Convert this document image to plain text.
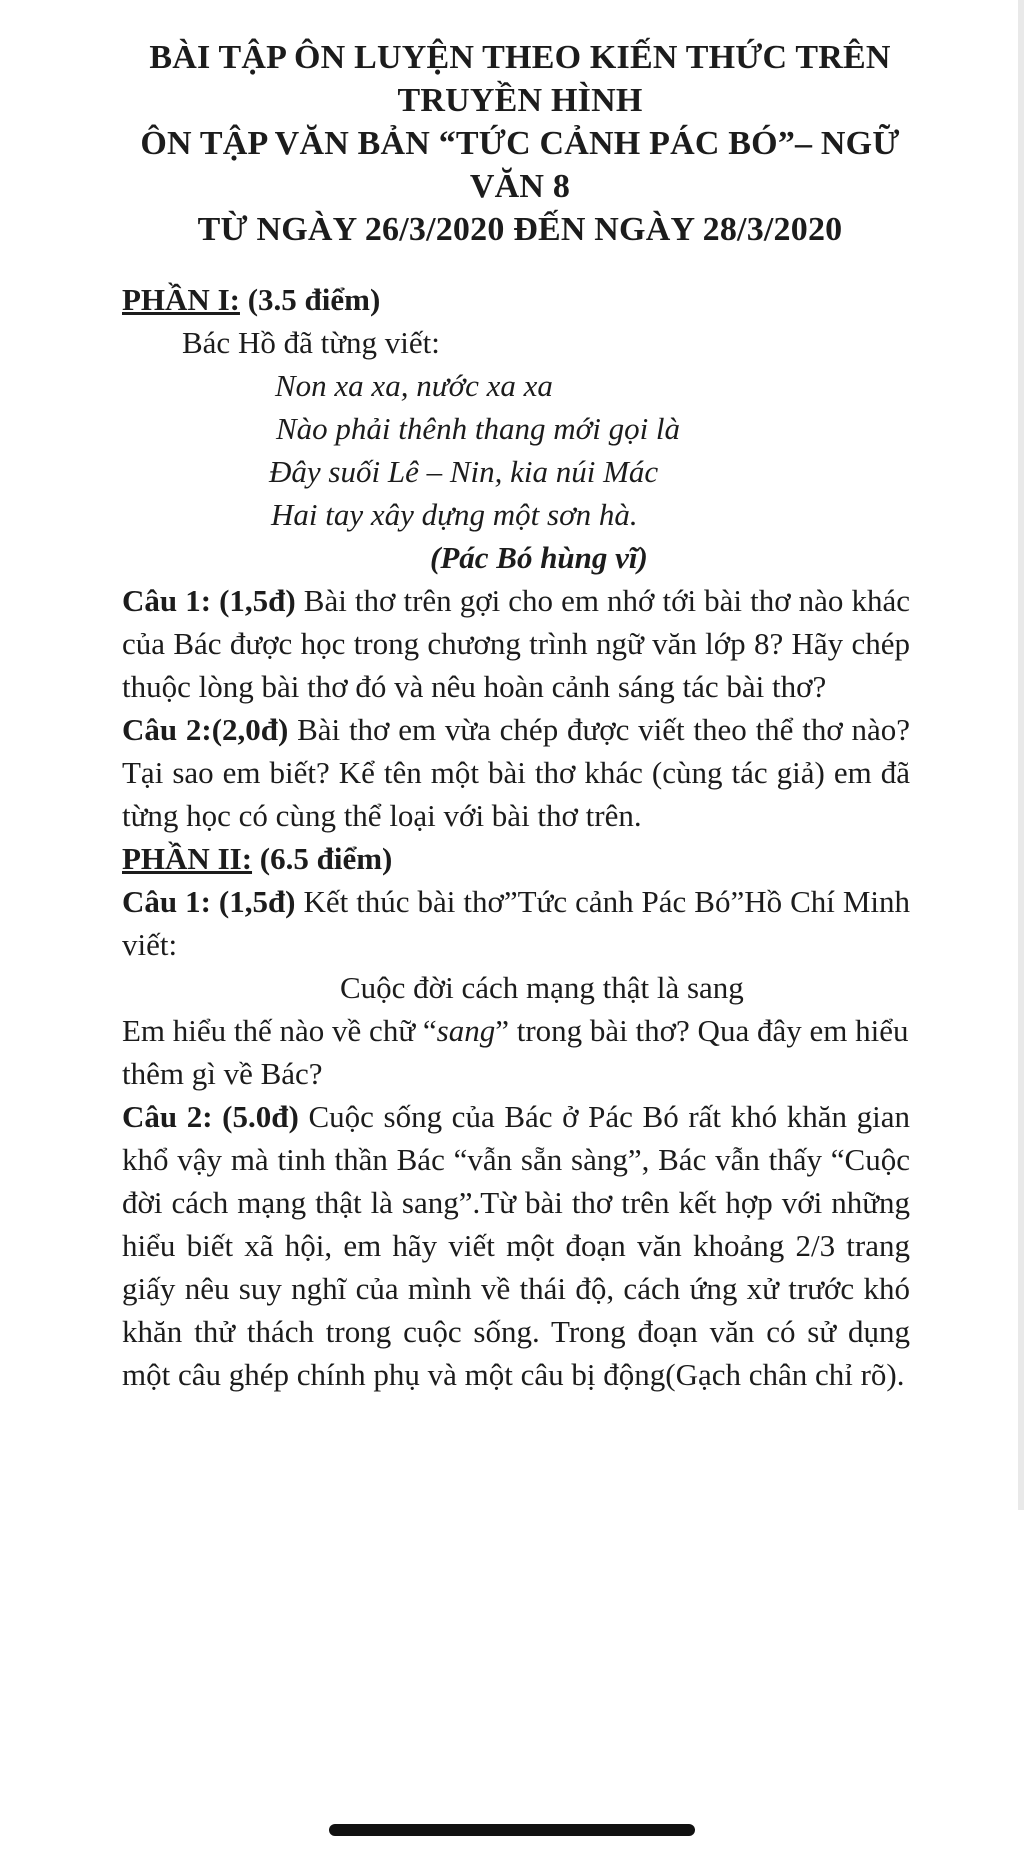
BÀI TẬP ÔN LUYỆN THEO KIẾN THỨC TRÊN
TRUYỀN HÌNH
ÔN TẬP VĂN BẢN “TỨC CẢNH PÁC BÓ”– NGỮ
VĂN 8
TỪ NGÀY 26/3/2020 ĐẾN NGÀY 28/3/2020
PHẦN I: (3.5 điểm)
Bác Hồ đã từng viết:
Non xa xa, nước xa xa
Nào phải thênh thang mới gọi là
Đây suối Lê – Nin, kia núi Mác
Hai tay xây dựng một sơn hà.
(Pác Bó hùng vĩ)
Câu 1: (1,5đ) Bài thơ trên gợi cho em nhớ tới bài thơ nào khác của Bác được học trong chương trình ngữ văn lớp 8? Hãy chép thuộc lòng bài thơ đó và nêu hoàn cảnh sáng tác bài thơ?
Câu 2:(2,0đ) Bài thơ em vừa chép được viết theo thể thơ nào? Tại sao em biết? Kể tên một bài thơ khác (cùng tác giả) em đã từng học có cùng thể loại với bài thơ trên.
PHẦN II: (6.5 điểm)
Câu 1: (1,5đ) Kết thúc bài thơ”Tức cảnh Pác Bó”Hồ Chí Minh viết:
Cuộc đời cách mạng thật là sang
Em hiểu thế nào về chữ “sang” trong bài thơ? Qua đây em hiểu thêm gì về Bác?
Câu 2: (5.0đ) Cuộc sống của Bác ở Pác Bó rất khó khăn gian khổ vậy mà tinh thần Bác “vẫn sẵn sàng”, Bác vẫn thấy “Cuộc đời cách mạng thật là sang”.Từ bài thơ trên kết hợp với những hiểu biết xã hội, em hãy viết một đoạn văn khoảng 2/3 trang giấy nêu suy nghĩ của mình về thái độ, cách ứng xử trước khó khăn thử thách trong cuộc sống. Trong đoạn văn có sử dụng một câu ghép chính phụ và một câu bị động(Gạch chân chỉ rõ).
